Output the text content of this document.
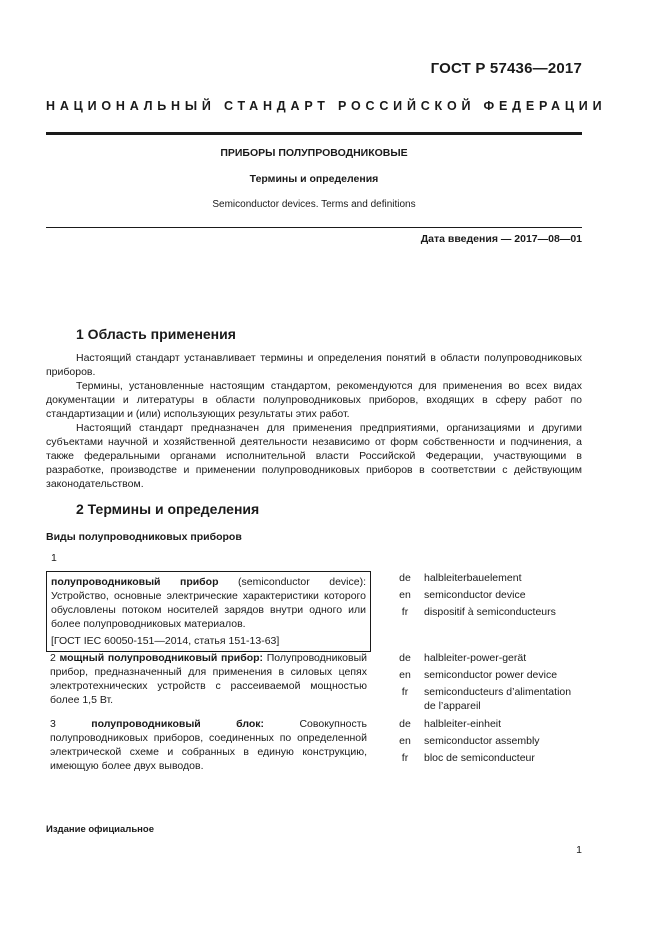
ГОСТ Р 57436—2017
НАЦИОНАЛЬНЫЙ СТАНДАРТ РОССИЙСКОЙ ФЕДЕРАЦИИ
ПРИБОРЫ ПОЛУПРОВОДНИКОВЫЕ
Термины и определения
Semiconductor devices. Terms and definitions
Дата введения — 2017—08—01
1 Область применения

Настоящий стандарт устанавливает термины и определения понятий в области полупроводниковых приборов.

Термины, установленные настоящим стандартом, рекомендуются для применения во всех видах документации и литературы в области полупроводниковых приборов, входящих в сферу работ по стандартизации и (или) использующих результаты этих работ.

Настоящий стандарт предназначен для применения предприятиями, организациями и другими субъектами научной и хозяйственной деятельности независимо от форм собственности и подчинения, а также федеральными органами исполнительной власти Российской Федерации, участвующими в разработке, производстве и применении полупроводниковых приборов в соответствии с действующим законодательством.

2 Термины и определения
Виды полупроводниковых приборов
1
полупроводниковый прибор (semiconductor device): Устройство, основные электрические характеристики которого обусловлены потоком носителей зарядов внутри одного или более полупроводниковых материалов.
[ГОСТ IEC 60050-151—2014, статья 151-13-63]
de	halbleiterbauelement
en	semiconductor device
fr	dispositif à semiconducteurs
2 мощный полупроводниковый прибор: Полупроводниковый прибор, предназначенный для применения в силовых цепях электротехнических устройств с рассеиваемой мощностью более 1,5 Вт.
de	halbleiter-power-gerät
en	semiconductor power device
fr	semiconducteurs d’alimentation de l’appareil
3	полупроводниковый блок:	Совокупность полупроводниковых приборов, соединенных по определенной электрической схеме и собранных в единую конструкцию, имеющую более двух выводов.
de	halbleiter-einheit
en	semiconductor assembly
fr	bloc de semiconducteur
Издание официальное
1
